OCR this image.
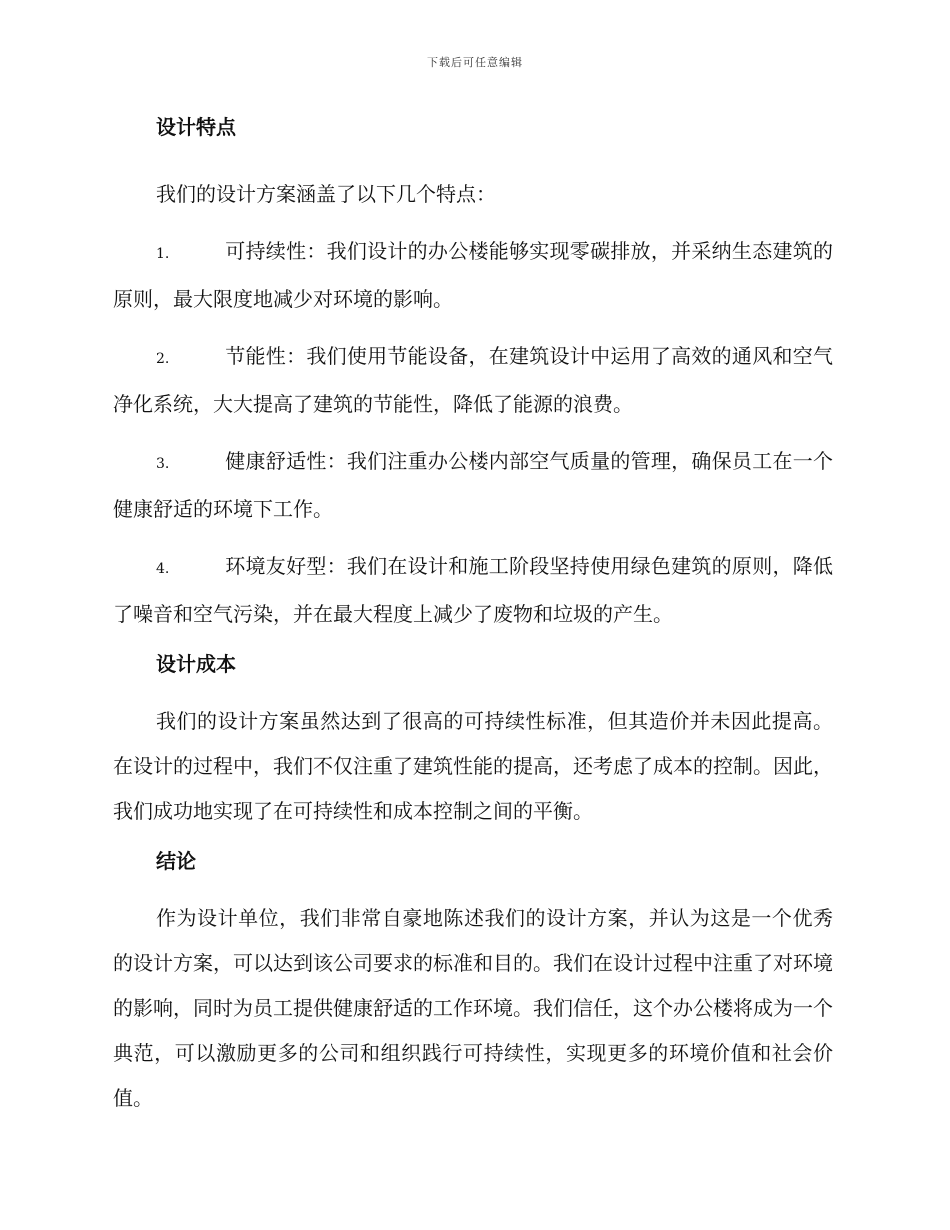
下载后可任意编辑
设计特点

我们的设计方案涵盖了以下几个特点：

1.	可持续性：我们设计的办公楼能够实现零碳排放，并采纳生态建筑的原则，最大限度地减少对环境的影响。

2.	节能性：我们使用节能设备，在建筑设计中运用了高效的通风和空气净化系统，大大提高了建筑的节能性，降低了能源的浪费。

3.	健康舒适性：我们注重办公楼内部空气质量的管理，确保员工在一个健康舒适的环境下工作。

4.	环境友好型：我们在设计和施工阶段坚持使用绿色建筑的原则，降低了噪音和空气污染，并在最大程度上减少了废物和垃圾的产生。

设计成本

我们的设计方案虽然达到了很高的可持续性标准，但其造价并未因此提高。在设计的过程中，我们不仅注重了建筑性能的提高，还考虑了成本的控制。因此，我们成功地实现了在可持续性和成本控制之间的平衡。

结论

作为设计单位，我们非常自豪地陈述我们的设计方案，并认为这是一个优秀的设计方案，可以达到该公司要求的标准和目的。我们在设计过程中注重了对环境的影响，同时为员工提供健康舒适的工作环境。我们信任，这个办公楼将成为一个典范，可以激励更多的公司和组织践行可持续性，实现更多的环境价值和社会价值。
